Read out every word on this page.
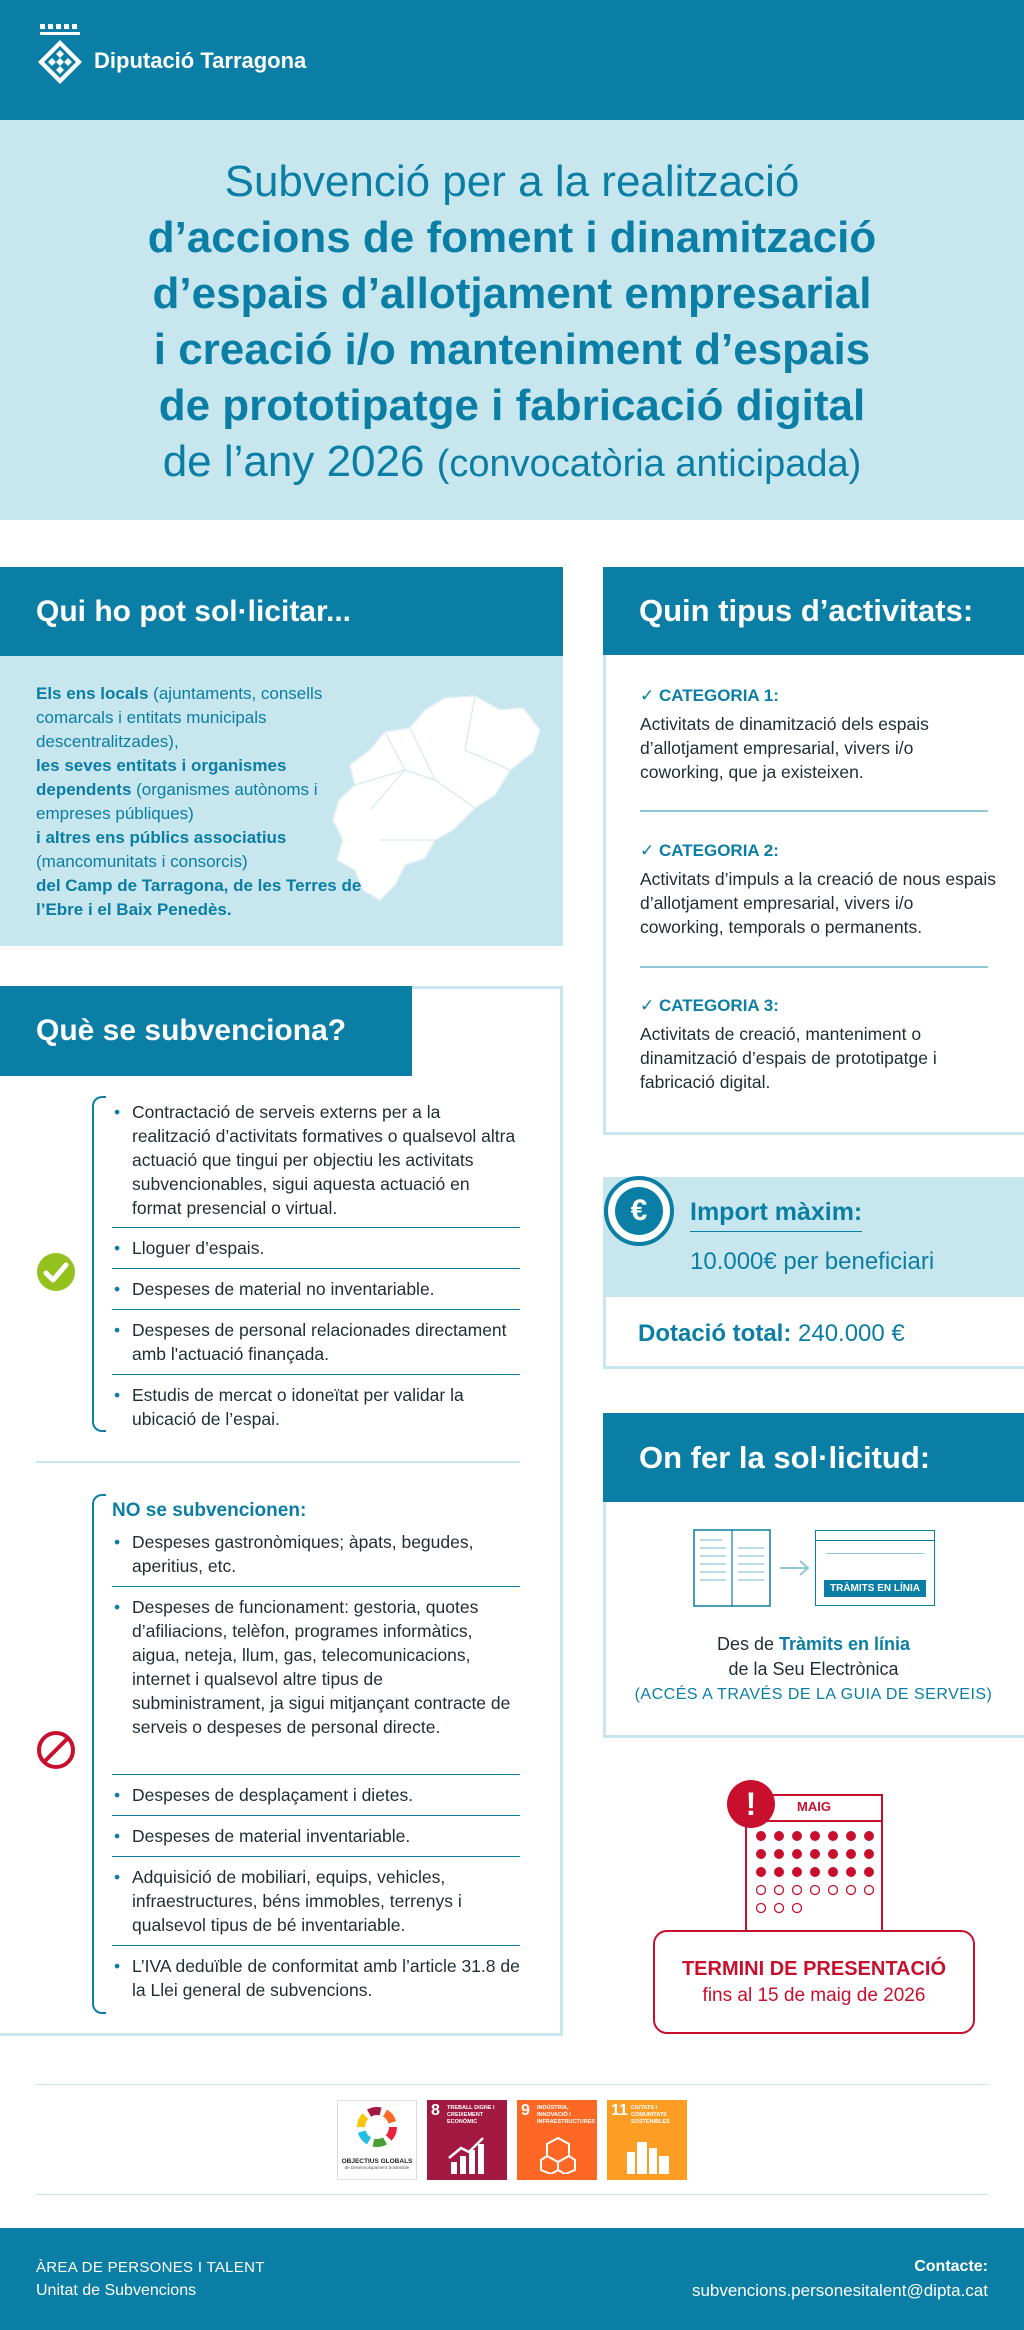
Diputació Tarragona
Subvenció per a la realització
d’accions de foment i dinamització
d’espais d’allotjament empresarial
i creació i/o manteniment d’espais
de prototipatge i fabricació digital
de l’any 2026 (convocatòria anticipada)
Qui ho pot sol·licitar...
Els ens locals (ajuntaments, consells comarcals i entitats municipals descentralitzades),
les seves entitats i organismes dependents (organismes autònoms i empreses públiques)
i altres ens públics associatius (mancomunitats i consorcis)
del Camp de Tarragona, de les Terres de l’Ebre i el Baix Penedès.
Què se subvenciona?
• Contractació de serveis externs per a la realització d’activitats formatives o qualsevol altra actuació que tingui per objectiu les activitats subvencionables, sigui aquesta actuació en format presencial o virtual.
• Lloguer d’espais.
• Despeses de material no inventariable.
• Despeses de personal relacionades directament amb l'actuació finançada.
• Estudis de mercat o idoneïtat per validar la ubicació de l’espai.
NO se subvencionen:
• Despeses gastronòmiques; àpats, begudes, aperitius, etc.
• Despeses de funcionament: gestoria, quotes d’afiliacions, telèfon, programes informàtics, aigua, neteja, llum, gas, telecomunicacions, internet i qualsevol altre tipus de subministrament, ja sigui mitjançant contracte de serveis o despeses de personal directe.
• Despeses de desplaçament i dietes.
• Despeses de material inventariable.
• Adquisició de mobiliari, equips, vehicles, infraestructures, béns immobles, terrenys i qualsevol tipus de bé inventariable.
• L’IVA deduïble de conformitat amb l’article 31.8 de la Llei general de subvencions.
Quin tipus d’activitats:
✓ CATEGORIA 1:
Activitats de dinamització dels espais d’allotjament empresarial, vivers i/o coworking, que ja existeixen.
✓ CATEGORIA 2:
Activitats d’impuls a la creació de nous espais d’allotjament empresarial, vivers i/o coworking, temporals o permanents.
✓ CATEGORIA 3:
Activitats de creació, manteniment o dinamització d’espais de prototipatge i fabricació digital.
€	Import màxim:
10.000€ per beneficiari
Dotació total: 240.000 €
On fer la sol·licitud:
TRÀMITS EN LÍNIA
Des de Tràmits en línia
de la Seu Electrònica
(ACCÉS A TRAVÉS DE LA GUIA DE SERVEIS)
MAIG
!
TERMINI DE PRESENTACIÓ
fins al 15 de maig de 2026
OBJECTIUS GLOBALS
de Desenvolupament Sostenible
8 TREBALL DIGNE I CREIXEMENT ECONÒMIC
9 INDÚSTRIA, INNOVACIÓ I INFRAESTRUCTURES
11 CIUTATS I COMUNITATS SOSTENIBLES
ÀREA DE PERSONES I TALENT
Unitat de Subvencions
Contacte:
subvencions.personesitalent@dipta.cat
